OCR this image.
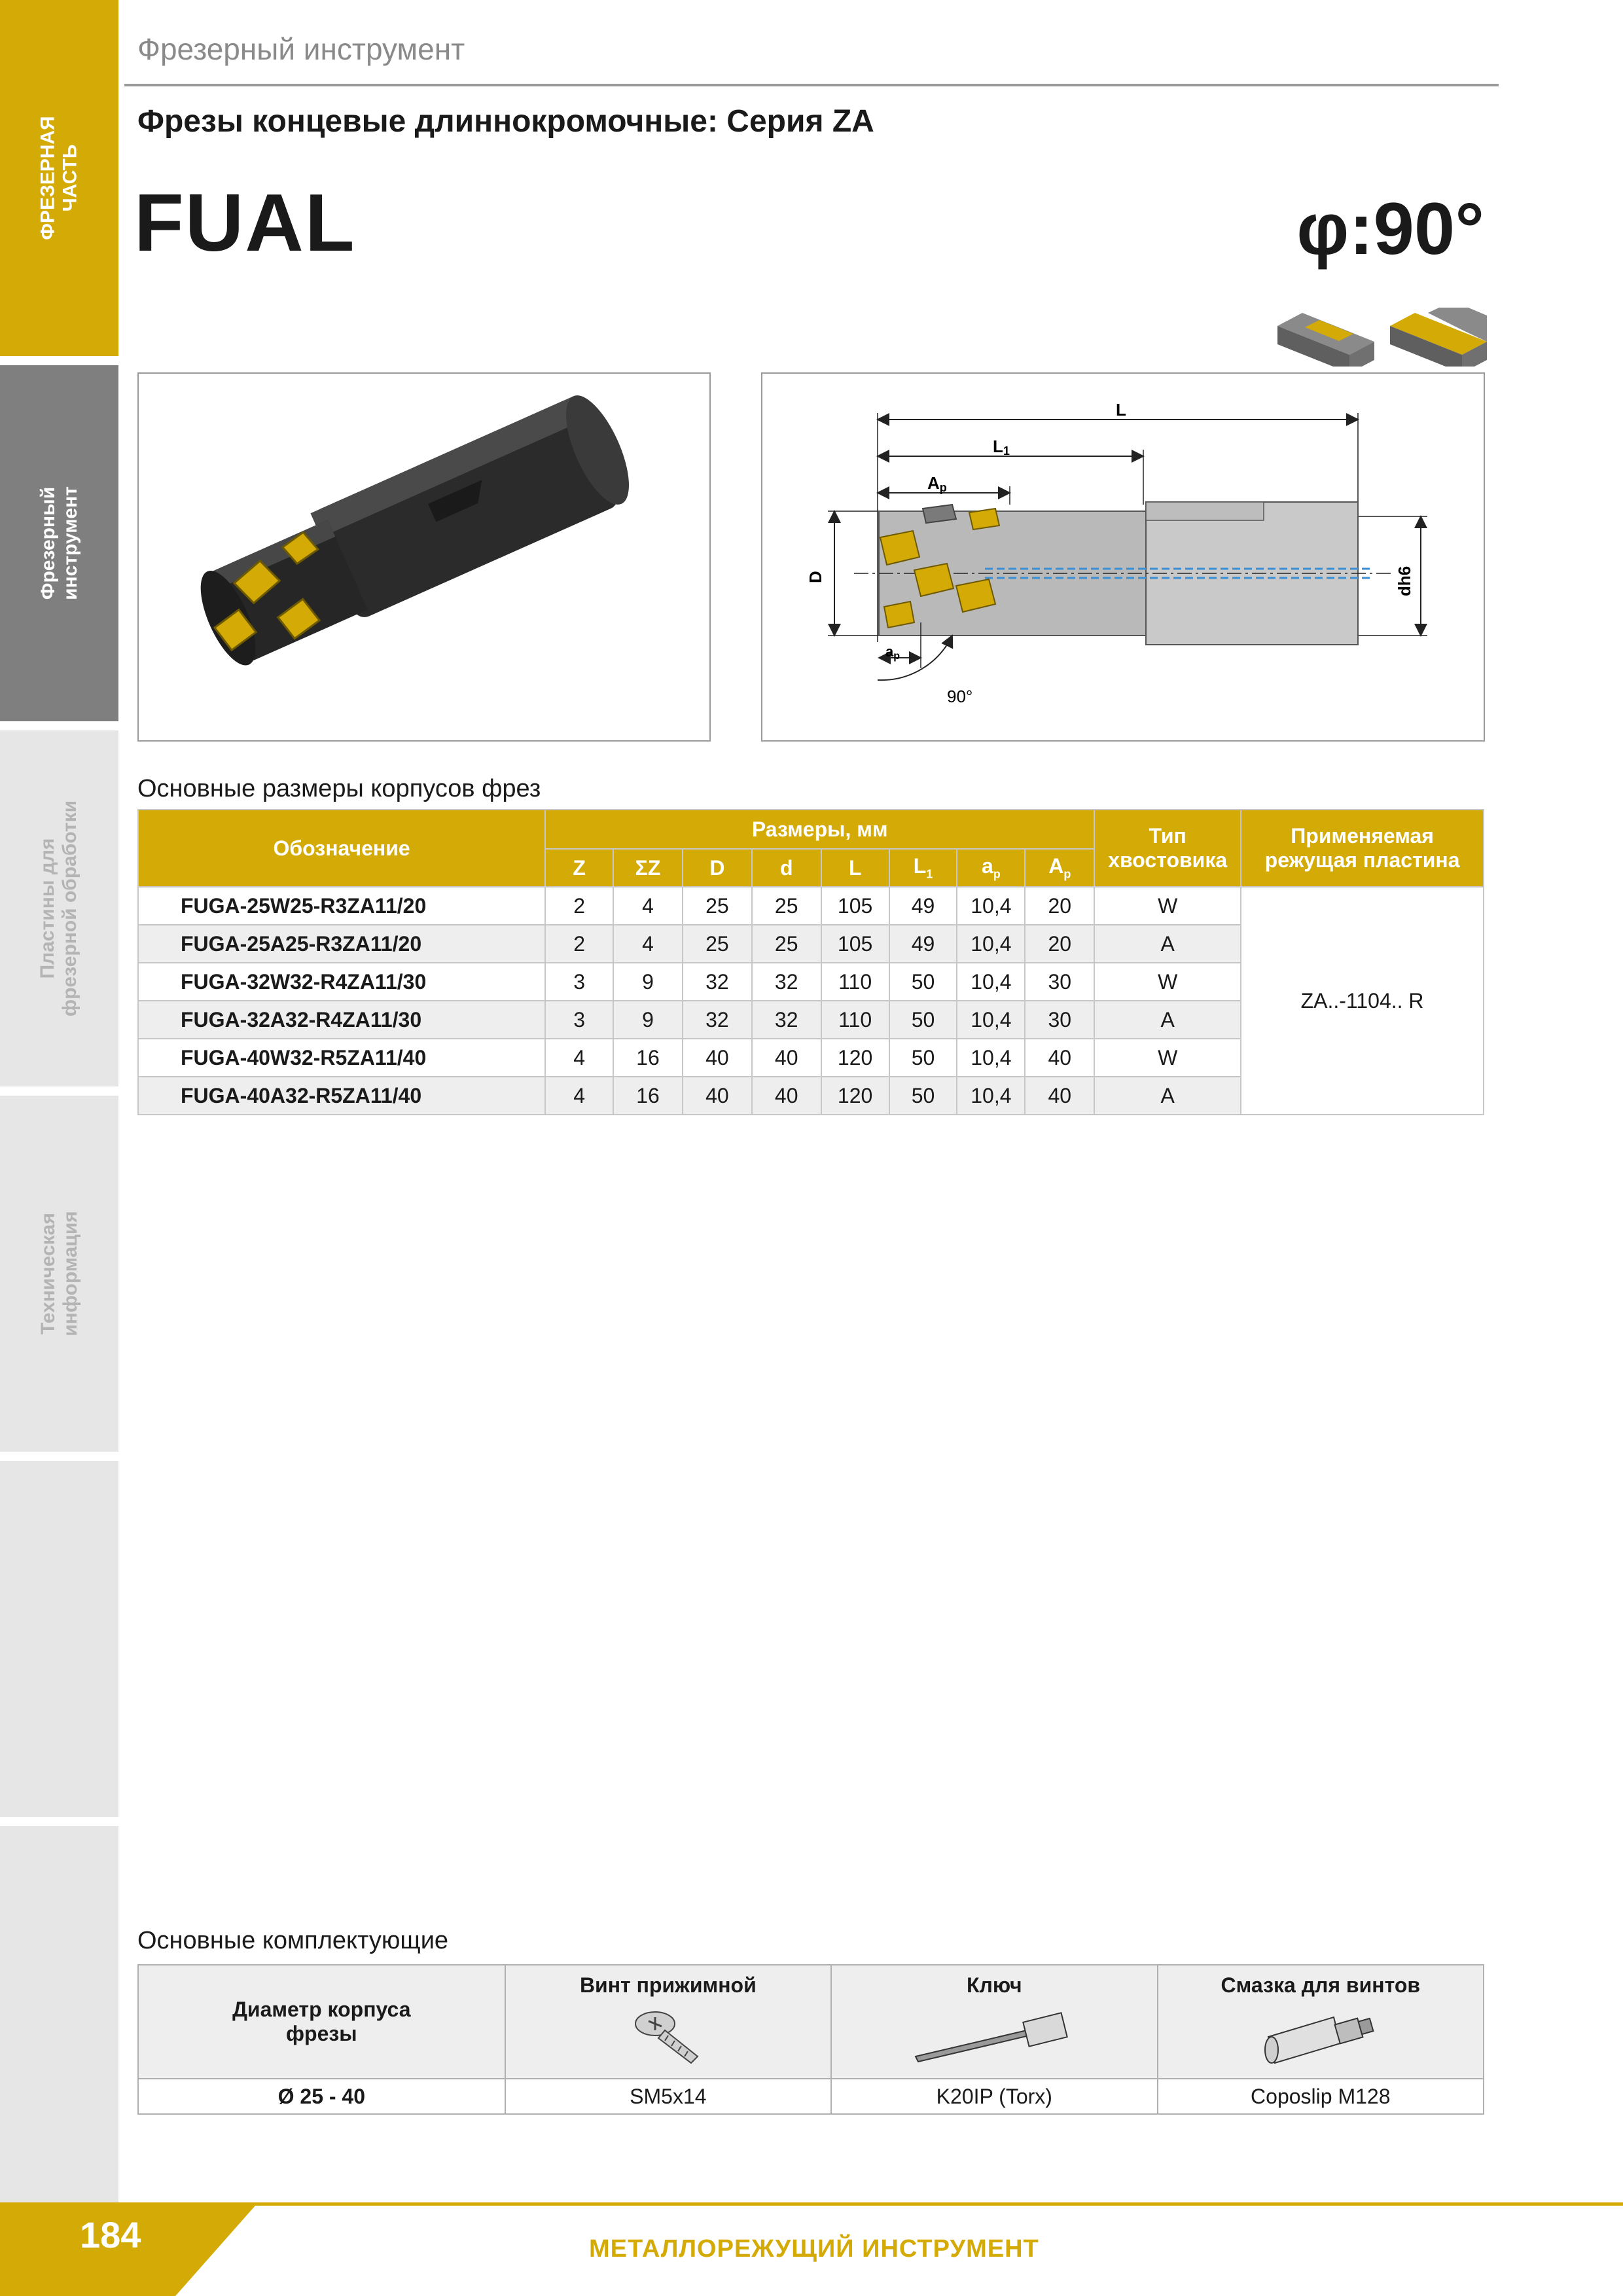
ФРЕЗЕРНАЯ
ЧАСТЬ
Фрезерный
инструмент
Пластины для
фрезерной обработки
Техническая
информация
Фрезерный инструмент
Фрезы концевые длиннокромочные: Серия ZA
FUAL	φ:90°
L
L1
Ap
D	dh6
ap
90°
Основные размеры корпусов фрез
Обозначение	Размеры, мм								Тип хвостовика	Применяемая режущая пластина
	Z	ΣZ	D	d	L	$L_1$	$a_p$	$A_p$
FUGA-25W25-R3ZA11/20	2	4	25	25	105	49	10,4	20	W	ZA..-1104.. R
FUGA-25A25-R3ZA11/20	2	4	25	25	105	49	10,4	20	A	
FUGA-32W32-R4ZA11/30	3	9	32	32	110	50	10,4	30	W	
FUGA-32A32-R4ZA11/30	3	9	32	32	110	50	10,4	30	A	
FUGA-40W32-R5ZA11/40	4	16	40	40	120	50	10,4	40	W	
FUGA-40A32-R5ZA11/40	4	16	40	40	120	50	10,4	40	A	
Основные комплектующие
Диаметр корпуса фрезы	Винт прижимной	Ключ	Смазка для винтов

Ø 25 - 40	SM5x14	K20IP (Torx)	Coposlip M128
184	МЕТАЛЛОРЕЖУЩИЙ ИНСТРУМЕНТ
